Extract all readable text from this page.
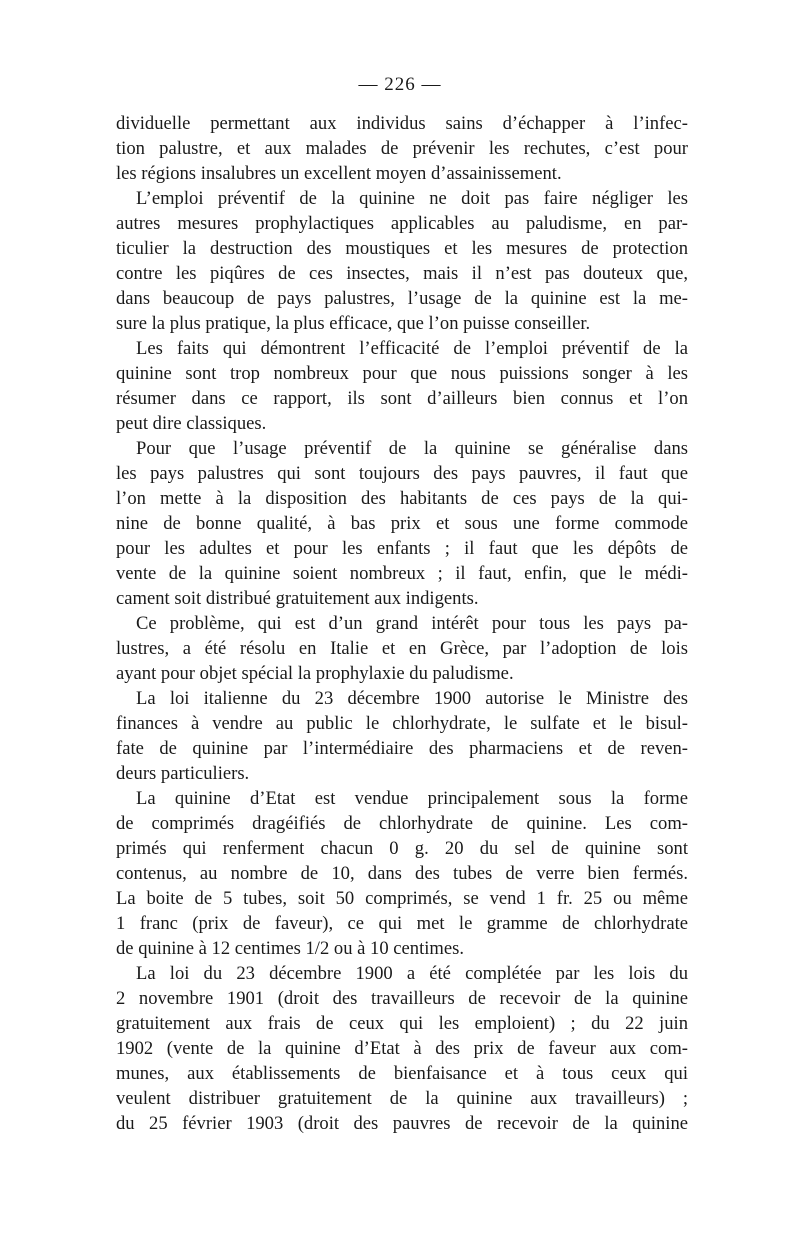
— 226 —
dividuelle permettant aux individus sains d’échapper à l’infec-
tion palustre, et aux malades de prévenir les rechutes, c’est pour
les régions insalubres un excellent moyen d’assainissement.
L’emploi préventif de la quinine ne doit pas faire négliger les
autres mesures prophylactiques applicables au paludisme, en par-
ticulier la destruction des moustiques et les mesures de protection
contre les piqûres de ces insectes, mais il n’est pas douteux que,
dans beaucoup de pays palustres, l’usage de la quinine est la me-
sure la plus pratique, la plus efficace, que l’on puisse conseiller.
Les faits qui démontrent l’efficacité de l’emploi préventif de la
quinine sont trop nombreux pour que nous puissions songer à les
résumer dans ce rapport, ils sont d’ailleurs bien connus et l’on
peut dire classiques.
Pour que l’usage préventif de la quinine se généralise dans
les pays palustres qui sont toujours des pays pauvres, il faut que
l’on mette à la disposition des habitants de ces pays de la qui-
nine de bonne qualité, à bas prix et sous une forme commode
pour les adultes et pour les enfants ; il faut que les dépôts de
vente de la quinine soient nombreux ; il faut, enfin, que le médi-
cament soit distribué gratuitement aux indigents.
Ce problème, qui est d’un grand intérêt pour tous les pays pa-
lustres, a été résolu en Italie et en Grèce, par l’adoption de lois
ayant pour objet spécial la prophylaxie du paludisme.
La loi italienne du 23 décembre 1900 autorise le Ministre des
finances à vendre au public le chlorhydrate, le sulfate et le bisul-
fate de quinine par l’intermédiaire des pharmaciens et de reven-
deurs particuliers.
La quinine d’Etat est vendue principalement sous la forme
de comprimés dragéifiés de chlorhydrate de quinine. Les com-
primés qui renferment chacun 0 g. 20 du sel de quinine sont
contenus, au nombre de 10, dans des tubes de verre bien fermés.
La boite de 5 tubes, soit 50 comprimés, se vend 1 fr. 25 ou même
1 franc (prix de faveur), ce qui met le gramme de chlorhydrate
de quinine à 12 centimes 1/2 ou à 10 centimes.
La loi du 23 décembre 1900 a été complétée par les lois du
2 novembre 1901 (droit des travailleurs de recevoir de la quinine
gratuitement aux frais de ceux qui les emploient) ; du 22 juin
1902 (vente de la quinine d’Etat à des prix de faveur aux com-
munes, aux établissements de bienfaisance et à tous ceux qui
veulent distribuer gratuitement de la quinine aux travailleurs) ;
du 25 février 1903 (droit des pauvres de recevoir de la quinine
